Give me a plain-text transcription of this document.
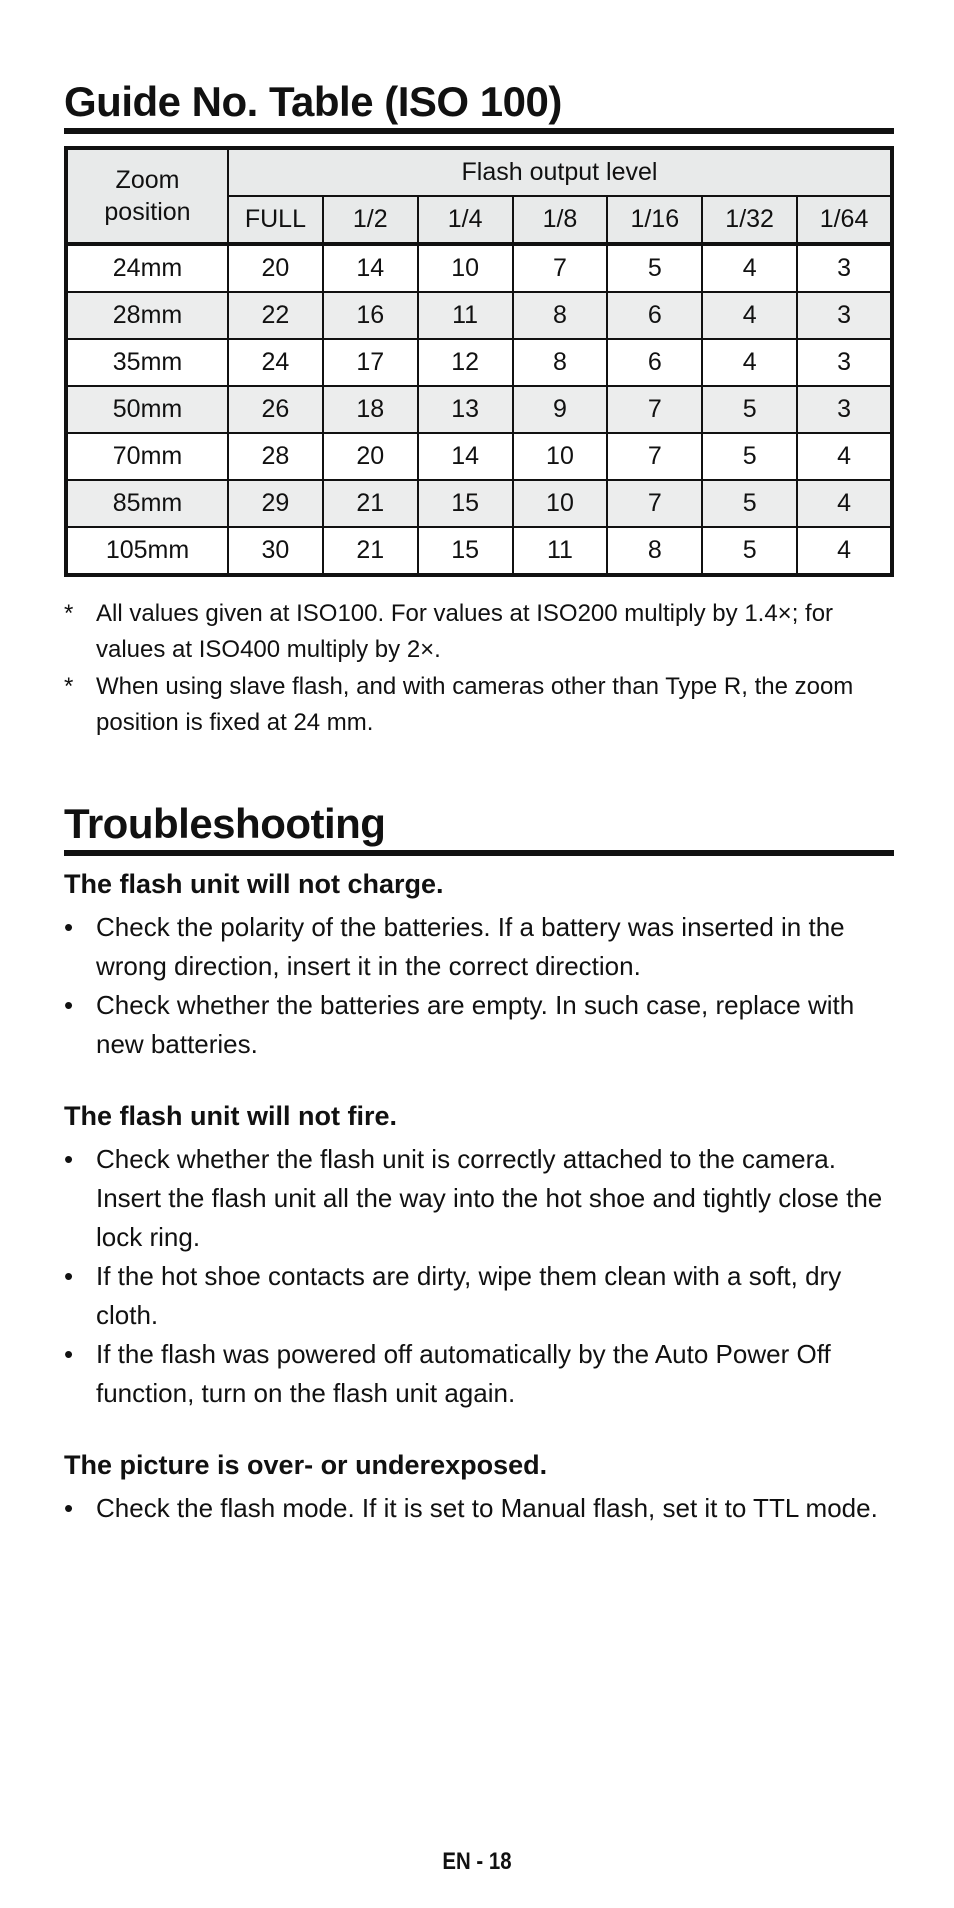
Guide No. Table (ISO 100)
Zoom position	Flash output level						
	FULL	1/2	1/4	1/8	1/16	1/32	1/64
24mm	20	14	10	7	5	4	3
28mm	22	16	11	8	6	4	3
35mm	24	17	12	8	6	4	3
50mm	26	18	13	9	7	5	3
70mm	28	20	14	10	7	5	4
85mm	29	21	15	10	7	5	4
105mm	30	21	15	11	8	5	4
* All values given at ISO100. For values at ISO200 multiply by 1.4×; for values at ISO400 multiply by 2×.
* When using slave flash, and with cameras other than Type R, the zoom position is fixed at 24 mm.
Troubleshooting
The flash unit will not charge.
• Check the polarity of the batteries. If a battery was inserted in the wrong direction, insert it in the correct direction.
• Check whether the batteries are empty. In such case, replace with new batteries.
The flash unit will not fire.
• Check whether the flash unit is correctly attached to the camera. Insert the flash unit all the way into the hot shoe and tightly close the lock ring.
• If the hot shoe contacts are dirty, wipe them clean with a soft, dry cloth.
• If the flash was powered off automatically by the Auto Power Off function, turn on the flash unit again.
The picture is over- or underexposed.
• Check the flash mode. If it is set to Manual flash, set it to TTL mode.
EN - 18
